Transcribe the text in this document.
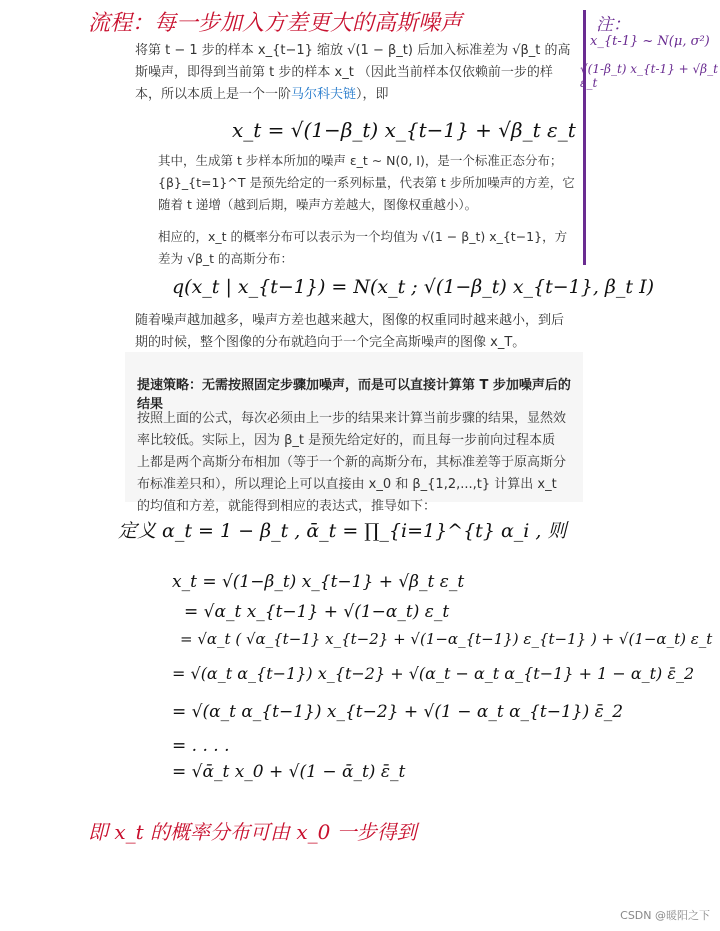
流程：每一步加入方差更大的高斯噪声	注：
x_{t-1} ~ N(μ, σ²)
√(1-β_t) x_{t-1} + √β_t ε_t
将第 t − 1 步的样本 x_{t−1} 缩放 √(1 − β_t) 后加入标准差为 √β_t 的高斯噪声，即得到当前第 t 步的样本 x_t （因此当前样本仅依赖前一步的样本，所以本质上是一个一阶马尔科夫链），即
x_t = √(1−β_t) x_{t−1} + √β_t ε_t
其中，生成第 t 步样本所加的噪声 ε_t ∼ N(0, I)，是一个标准正态分布；{β}_{t=1}^T 是预先给定的一系列标量，代表第 t 步所加噪声的方差，它随着 t 递增（越到后期，噪声方差越大，图像权重越小）。
相应的，x_t 的概率分布可以表示为一个均值为 √(1 − β_t) x_{t−1}，方差为 √β_t 的高斯分布：
q(x_t | x_{t−1}) = N(x_t ; √(1−β_t) x_{t−1}, β_t I)
随着噪声越加越多，噪声方差也越来越大，图像的权重同时越来越小，到后期的时候，整个图像的分布就趋向于一个完全高斯噪声的图像 x_T。
提速策略：无需按照固定步骤加噪声，而是可以直接计算第 T 步加噪声后的结果
按照上面的公式，每次必须由上一步的结果来计算当前步骤的结果，显然效率比较低。实际上，因为 β_t 是预先给定好的，而且每一步前向过程本质上都是两个高斯分布相加（等于一个新的高斯分布，其标准差等于原高斯分布标准差只和），所以理论上可以直接由 x_0 和 β_{1,2,...,t} 计算出 x_t 的均值和方差，就能得到相应的表达式，推导如下：
定义 α_t = 1 − β_t , ᾱ_t = ∏_{i=1}^{t} α_i , 则
x_t = √(1−β_t) x_{t−1} + √β_t ε_t
= √α_t x_{t−1} + √(1−α_t) ε_t
= √α_t ( √α_{t−1} x_{t−2} + √(1−α_{t−1}) ε_{t−1} ) + √(1−α_t) ε_t
= √(α_t α_{t−1}) x_{t−2} + √(α_t − α_t α_{t−1} + 1 − α_t) ε̄_2
= √(α_t α_{t−1}) x_{t−2} + √(1 − α_t α_{t−1}) ε̄_2
= . . . .
= √ᾱ_t x_0 + √(1 − ᾱ_t) ε̄_t
即 x_t 的概率分布可由 x_0 一步得到
CSDN @暖阳之下
